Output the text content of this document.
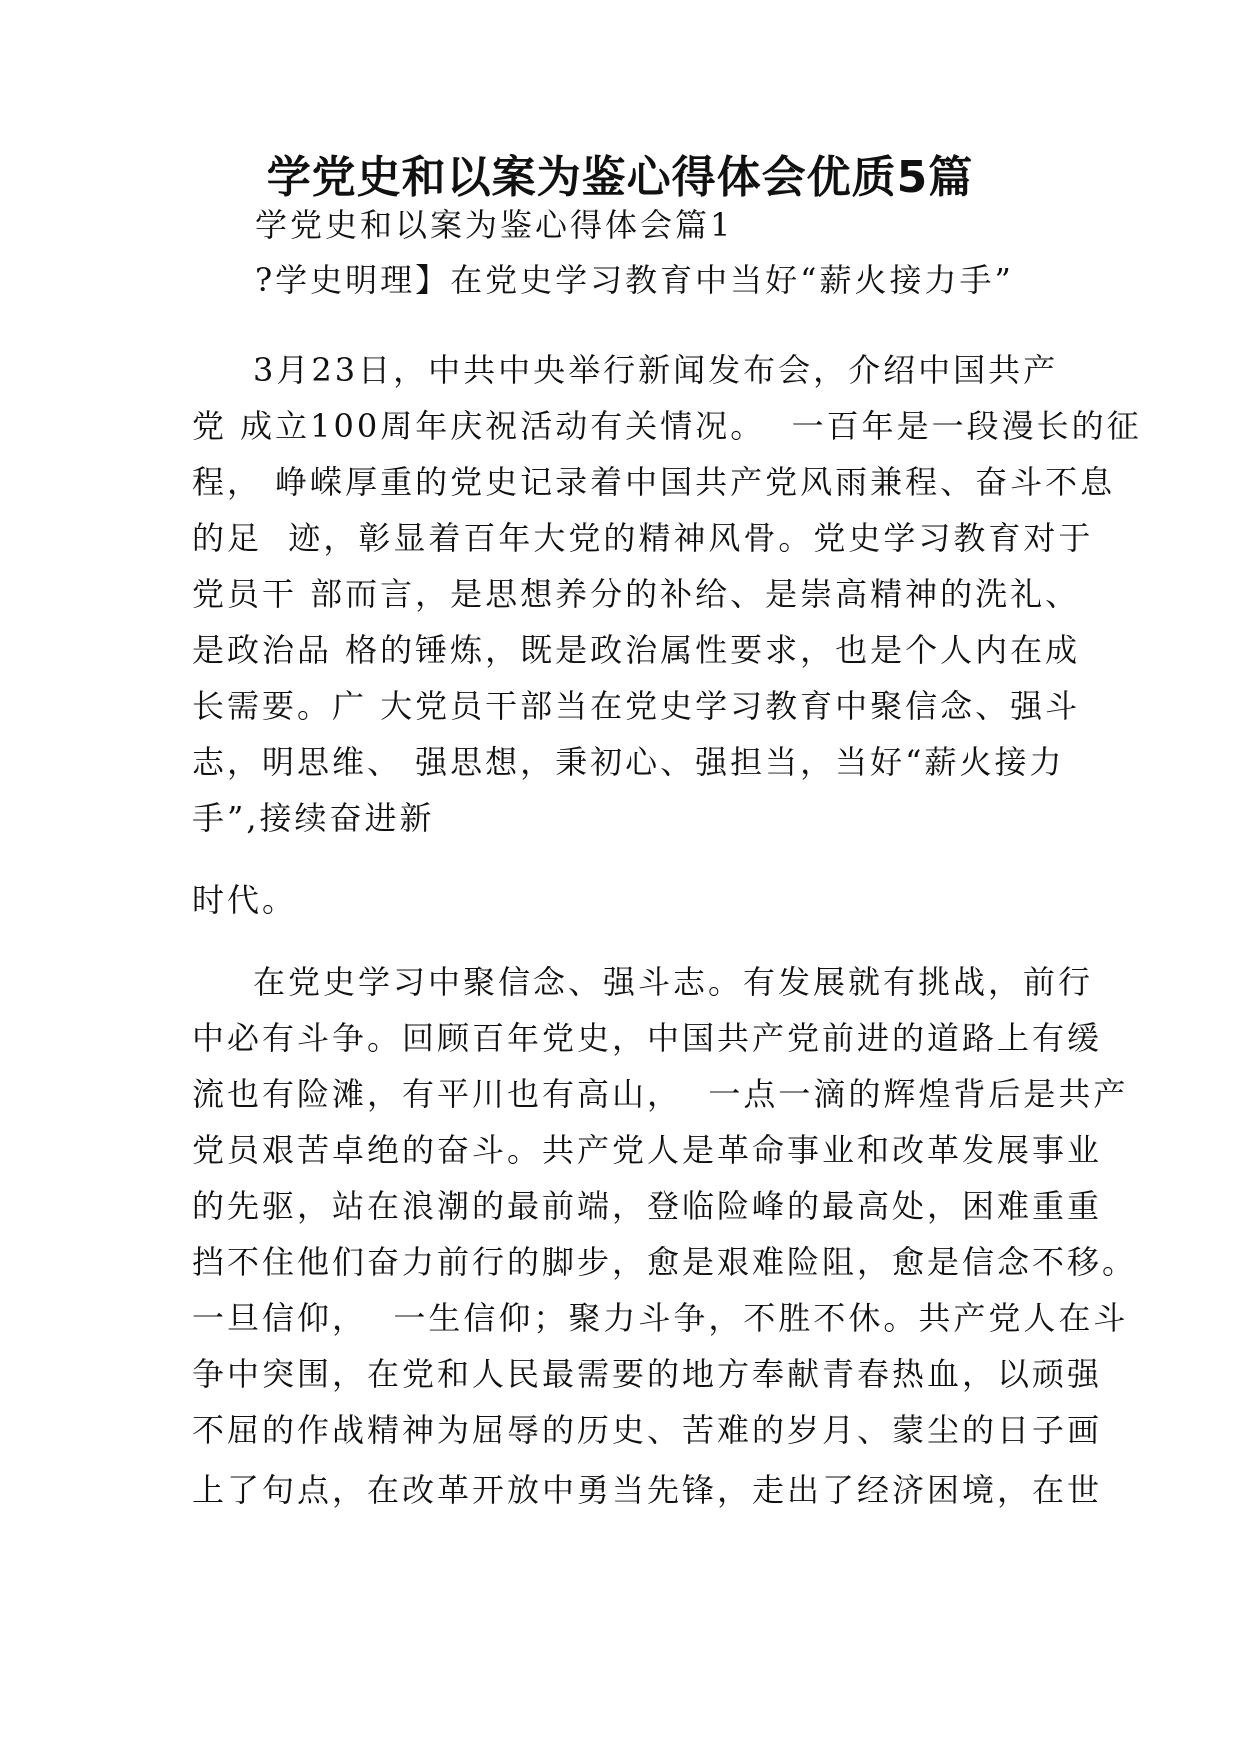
学党史和以案为鉴心得体会优质5篇

学党史和以案为鉴心得体会篇1

?学史明理】在党史学习教育中当好“薪火接力手”

3月23日，中共中央举行新闻发布会，介绍中国共产

党 成立100周年庆祝活动有关情况。  一百年是一段漫长的征

程， 峥嵘厚重的党史记录着中国共产党风雨兼程、奋斗不息

的足  迹，彰显着百年大党的精神风骨。党史学习教育对于

党员干 部而言，是思想养分的补给、是崇高精神的洗礼、

是政治品 格的锤炼，既是政治属性要求，也是个人内在成

长需要。广 大党员干部当在党史学习教育中聚信念、强斗

志，明思维、 强思想，秉初心、强担当，当好“薪火接力

手”,接续奋进新

时代。

在党史学习中聚信念、强斗志。有发展就有挑战，前行

中必有斗争。回顾百年党史，中国共产党前进的道路上有缓

流也有险滩，有平川也有高山，  一点一滴的辉煌背后是共产

党员艰苦卓绝的奋斗。共产党人是革命事业和改革发展事业

的先驱，站在浪潮的最前端，登临险峰的最高处，困难重重

挡不住他们奋力前行的脚步，愈是艰难险阻，愈是信念不移。

一旦信仰，  一生信仰；聚力斗争，不胜不休。共产党人在斗

争中突围，在党和人民最需要的地方奉献青春热血，以顽强

不屈的作战精神为屈辱的历史、苦难的岁月、蒙尘的日子画

上了句点，在改革开放中勇当先锋，走出了经济困境，在世
